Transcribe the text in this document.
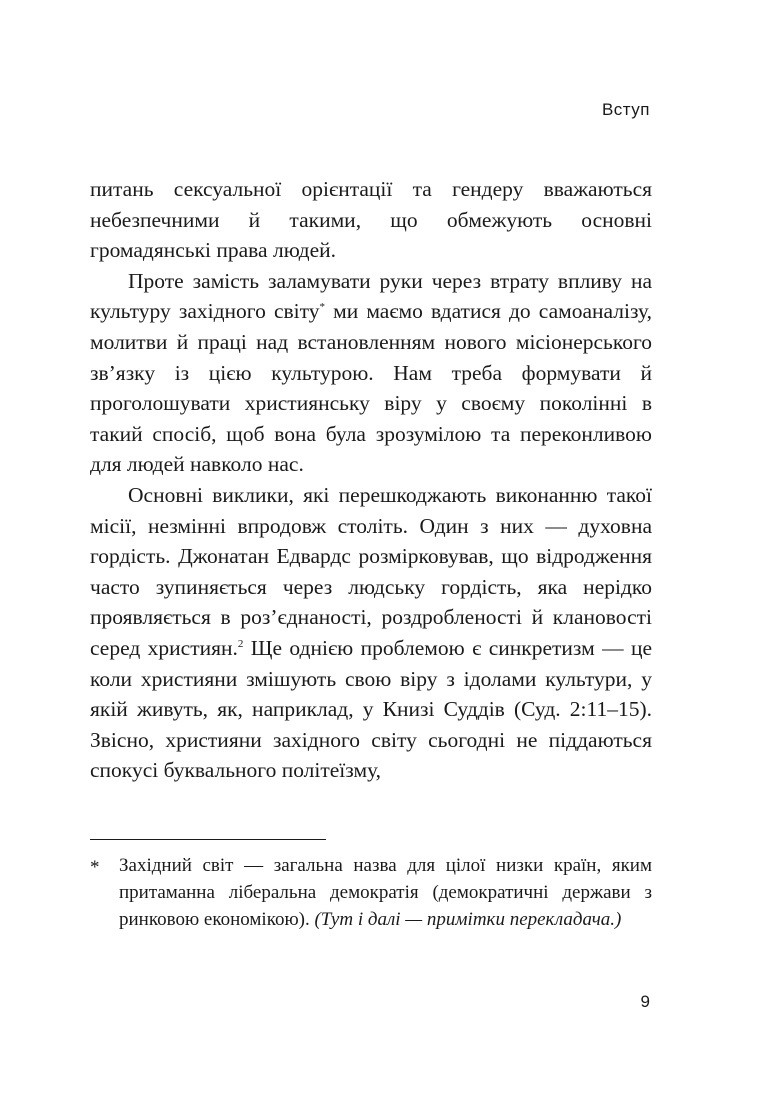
Вступ

питань сексуальної орієнтації та гендеру вважаються небезпечними й такими, що обмежують основні громадянські права людей.

Проте замість заламувати руки через втрату впливу на культуру західного світу* ми маємо вдатися до самоаналізу, молитви й праці над встановленням нового місіонерського зв’язку із цією культурою. Нам треба формувати й проголошувати християнську віру у своєму поколінні в такий спосіб, щоб вона була зрозумілою та переконливою для людей навколо нас.

Основні виклики, які перешкоджають виконанню такої місії, незмінні впродовж століть. Один з них — духовна гордість. Джонатан Едвардс розмірковував, що відродження часто зупиняється через людську гордість, яка нерідко проявляється в роз’єднаності, роздробленості й клановості серед християн.$^2$ Ще однією проблемою є синкретизм — це коли християни змішують свою віру з ідолами культури, у якій живуть, як, наприклад, у Книзі Суддів (Суд. 2:11–15). Звісно, християни західного світу сьогодні не піддаються спокусі буквального політеїзму,

*	Західний світ — загальна назва для цілої низки країн, яким притаманна ліберальна демократія (демократичні держави з ринковою економікою). (Тут і далі — примітки перекладача.)
9
